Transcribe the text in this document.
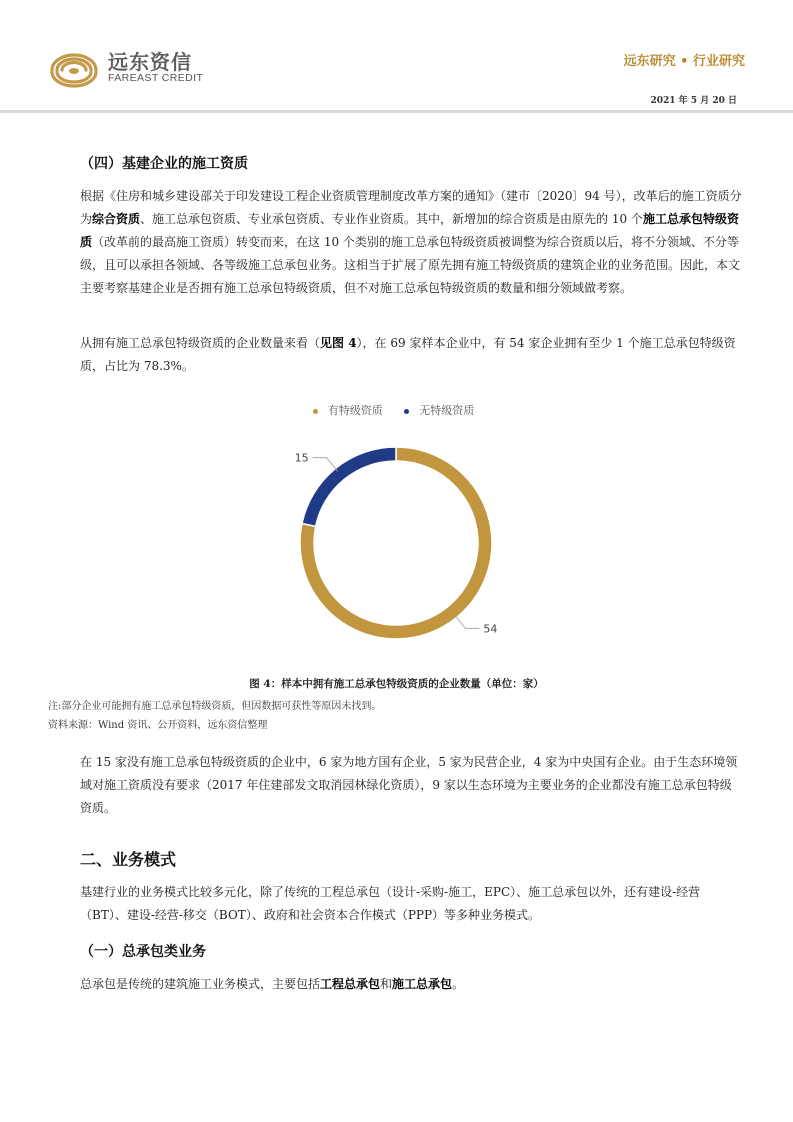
远东资信
FAREAST CREDIT
远东研究 • 行业研究
2021 年 5 月 20 日
（四）基建企业的施工资质
根据《住房和城乡建设部关于印发建设工程企业资质管理制度改革方案的通知》（建市〔2020〕94 号），改革后的施工资质分为综合资质、施工总承包资质、专业承包资质、专业作业资质。其中，新增加的综合资质是由原先的 10 个施工总承包特级资质（改革前的最高施工资质）转变而来，在这 10 个类别的施工总承包特级资质被调整为综合资质以后，将不分领域、不分等级，且可以承担各领域、各等级施工总承包业务。这相当于扩展了原先拥有施工特级资质的建筑企业的业务范围。因此，本文主要考察基建企业是否拥有施工总承包特级资质，但不对施工总承包特级资质的数量和细分领域做考察。
从拥有施工总承包特级资质的企业数量来看（见图 4），在 69 家样本企业中，有 54 家企业拥有至少 1 个施工总承包特级资质，占比为 78.3%。
有特级资质	无特级资质
54
15
图 4：样本中拥有施工总承包特级资质的企业数量（单位：家）
注:部分企业可能拥有施工总承包特级资质，但因数据可获性等原因未找到。
资料来源：Wind 资讯、公开资料，远东资信整理
在 15 家没有施工总承包特级资质的企业中，6 家为地方国有企业，5 家为民营企业，4 家为中央国有企业。由于生态环境领域对施工资质没有要求（2017 年住建部发文取消园林绿化资质），9 家以生态环境为主要业务的企业都没有施工总承包特级资质。
二、业务模式
基建行业的业务模式比较多元化，除了传统的工程总承包（设计-采购-施工，EPC）、施工总承包以外，还有建设-经营（BT）、建设-经营-移交（BOT）、政府和社会资本合作模式（PPP）等多种业务模式。
（一）总承包类业务
总承包是传统的建筑施工业务模式，主要包括工程总承包和施工总承包。
